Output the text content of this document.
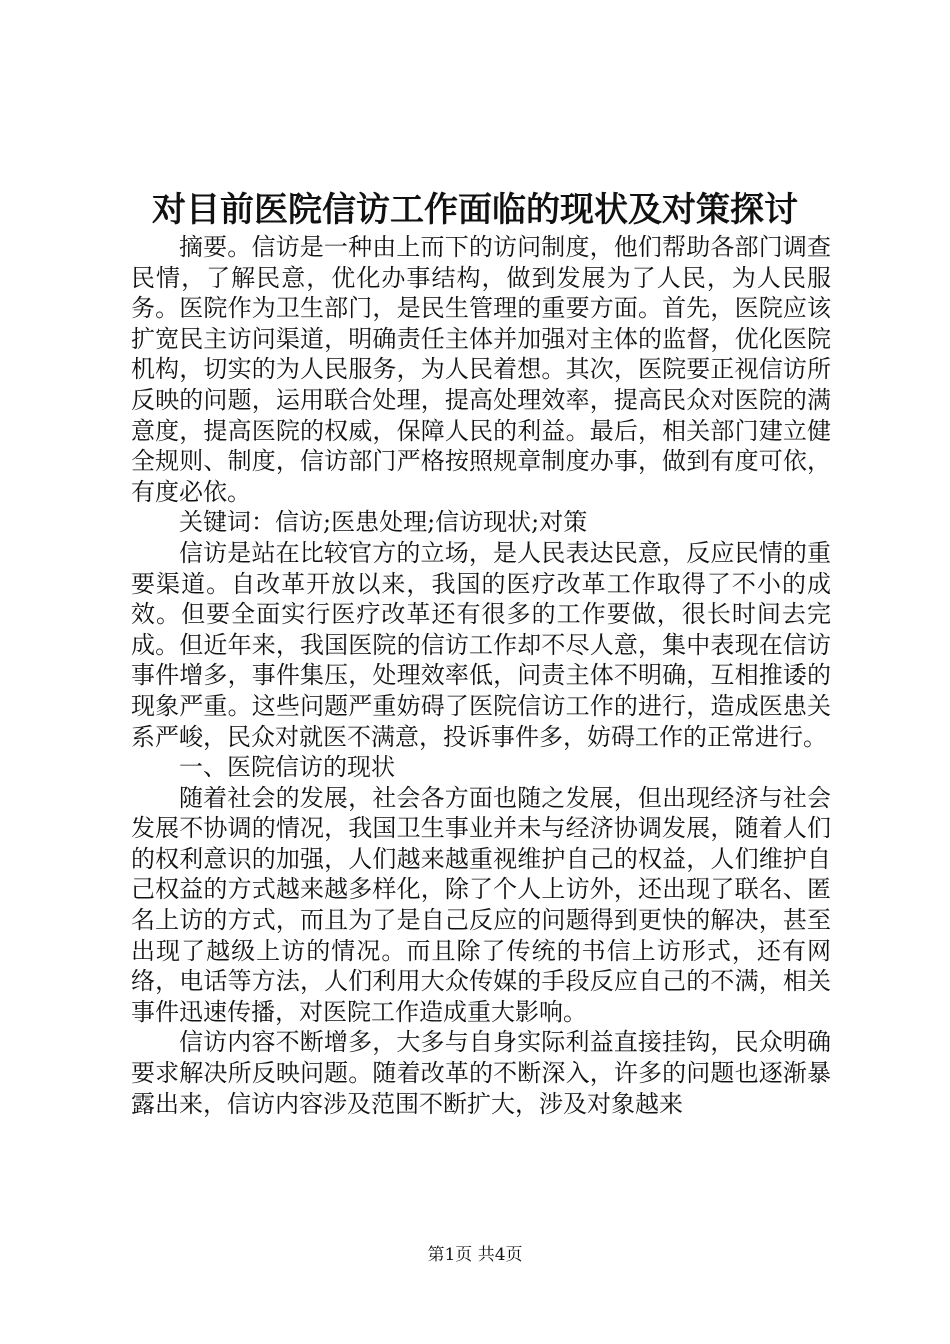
对目前医院信访工作面临的现状及对策探讨

摘要。信访是一种由上而下的访问制度，他们帮助各部门调查民情，了解民意，优化办事结构，做到发展为了人民，为人民服务。医院作为卫生部门，是民生管理的重要方面。首先，医院应该扩宽民主访问渠道，明确责任主体并加强对主体的监督，优化医院机构，切实的为人民服务，为人民着想。其次，医院要正视信访所反映的问题，运用联合处理，提高处理效率，提高民众对医院的满意度，提高医院的权威，保障人民的利益。最后，相关部门建立健全规则、制度，信访部门严格按照规章制度办事，做到有度可依，有度必依。

关键词：信访;医患处理;信访现状;对策

信访是站在比较官方的立场，是人民表达民意，反应民情的重要渠道。自改革开放以来，我国的医疗改革工作取得了不小的成效。但要全面实行医疗改革还有很多的工作要做，很长时间去完成。但近年来，我国医院的信访工作却不尽人意，集中表现在信访事件增多，事件集压，处理效率低，问责主体不明确，互相推诿的现象严重。这些问题严重妨碍了医院信访工作的进行，造成医患关系严峻，民众对就医不满意，投诉事件多，妨碍工作的正常进行。

一、医院信访的现状

随着社会的发展，社会各方面也随之发展，但出现经济与社会发展不协调的情况，我国卫生事业并未与经济协调发展，随着人们的权利意识的加强，人们越来越重视维护自己的权益，人们维护自己权益的方式越来越多样化，除了个人上访外，还出现了联名、匿名上访的方式，而且为了是自己反应的问题得到更快的解决，甚至出现了越级上访的情况。而且除了传统的书信上访形式，还有网络，电话等方法，人们利用大众传媒的手段反应自己的不满，相关事件迅速传播，对医院工作造成重大影响。

信访内容不断增多，大多与自身实际利益直接挂钩，民众明确要求解决所反映问题。随着改革的不断深入，许多的问题也逐渐暴露出来，信访内容涉及范围不断扩大，涉及对象越来

第1页 共4页
